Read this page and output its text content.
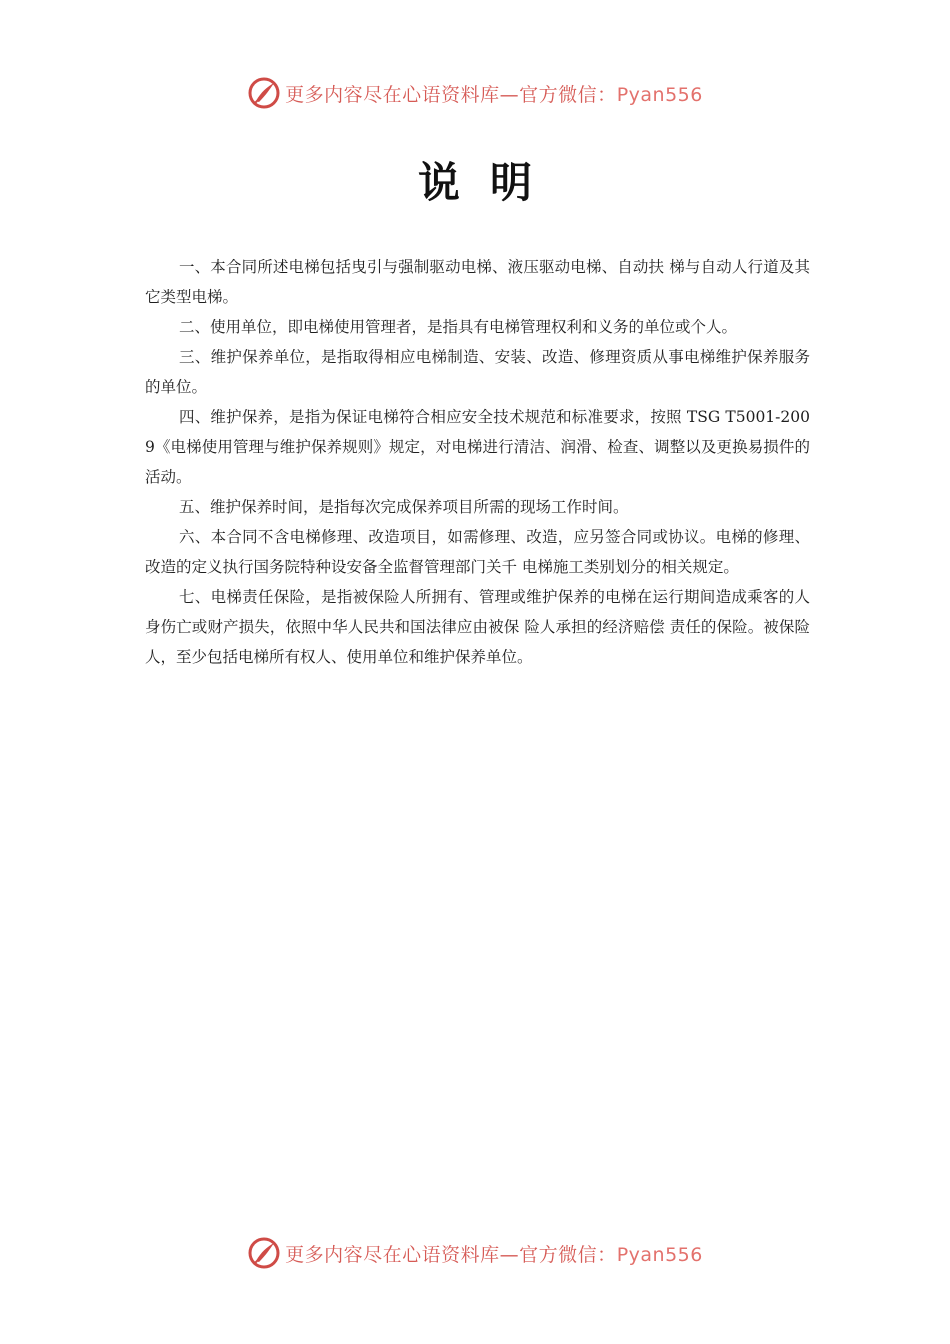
更多内容尽在心语资料库—官方微信：Pyan556
说明

一、本合同所述电梯包括曳引与强制驱动电梯、液压驱动电梯、自动扶 梯与自动人行道及其它类型电梯。

二、使用单位，即电梯使用管理者，是指具有电梯管理权利和义务的单位或个人。

三、维护保养单位，是指取得相应电梯制造、安装、改造、修理资质从事电梯维护保养服务的单位。

四、维护保养，是指为保证电梯符合相应安全技术规范和标准要求，按照 TSG T5001-2009《电梯使用管理与维护保养规则》规定，对电梯进行清洁、润滑、检查、调整以及更换易损件的活动。

五、维护保养时间，是指每次完成保养项目所需的现场工作时间。

六、本合同不含电梯修理、改造项目，如需修理、改造，应另签合同或协议。电梯的修理、改造的定义执行国务院特种设安备全监督管理部门关千 电梯施工类别划分的相关规定。

七、电梯责任保险，是指被保险人所拥有、管理或维护保养的电梯在运行期间造成乘客的人身伤亡或财产损失，依照中华人民共和国法律应由被保 险人承担的经济赔偿 责任的保险。被保险人，至少包括电梯所有权人、使用单位和维护保养单位。

更多内容尽在心语资料库—官方微信：Pyan556
